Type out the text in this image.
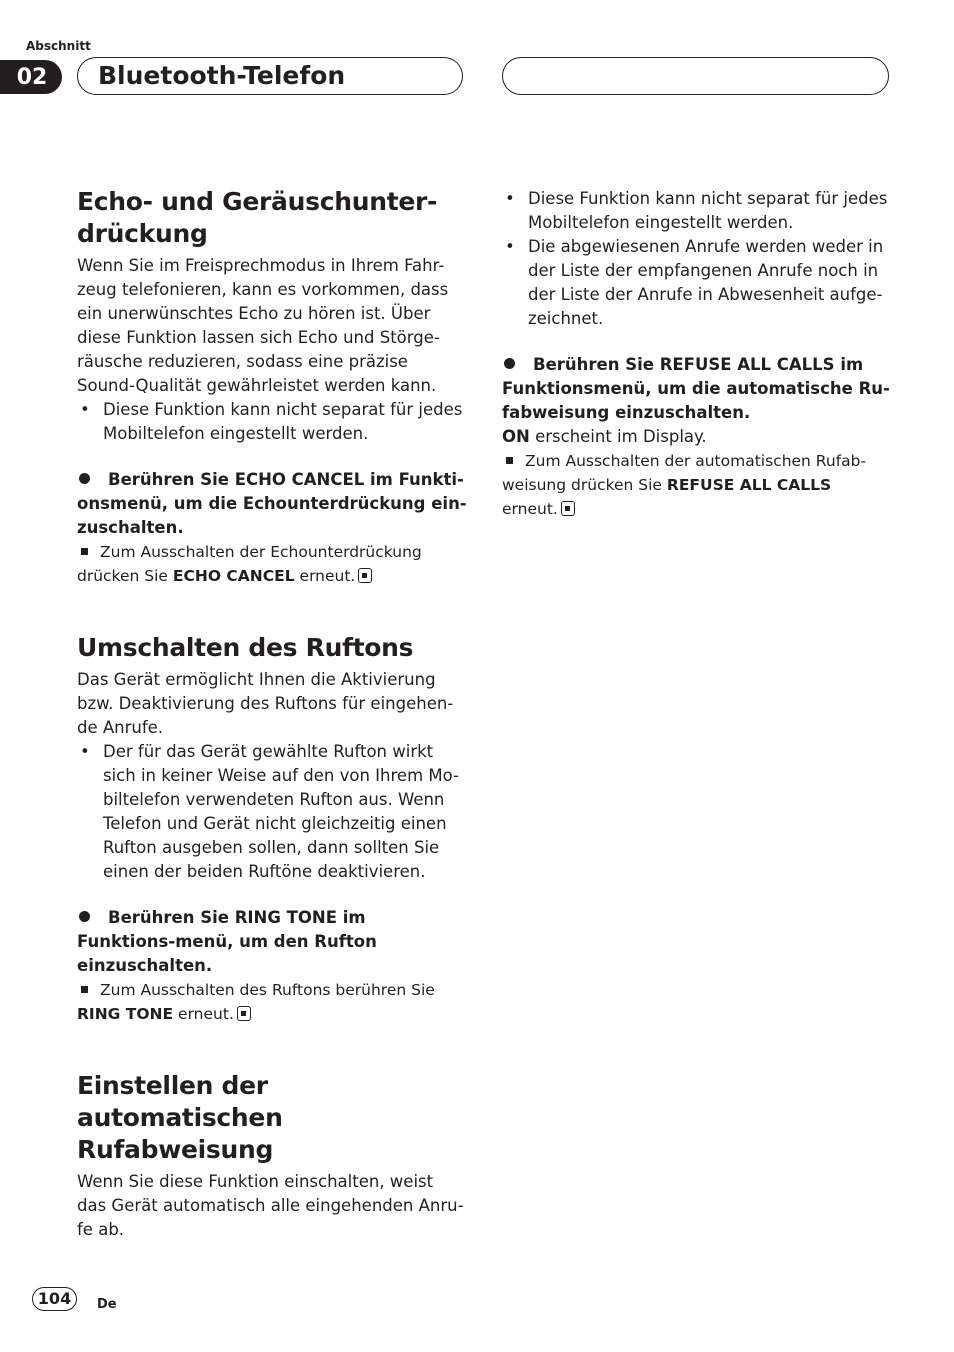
Abschnitt
02	Bluetooth-Telefon
Echo- und Geräuschunter-
drückung

Wenn Sie im Freisprechmodus in Ihrem Fahr-zeug telefonieren, kann es vorkommen, dass ein unerwünschtes Echo zu hören ist. Über diese Funktion lassen sich Echo und Störge-räusche reduzieren, sodass eine präzise Sound-Qualität gewährleistet werden kann.

• Diese Funktion kann nicht separat für jedes Mobiltelefon eingestellt werden.

Berühren Sie ECHO CANCEL im Funkti-onsmenü, um die Echounterdrückung ein-zuschalten.

Zum Ausschalten der Echounterdrückung drücken Sie ECHO CANCEL erneut.

Umschalten des Ruftons

Das Gerät ermöglicht Ihnen die Aktivierung bzw. Deaktivierung des Ruftons für eingehen-de Anrufe.

• Der für das Gerät gewählte Rufton wirkt sich in keiner Weise auf den von Ihrem Mo-biltelefon verwendeten Rufton aus. Wenn Telefon und Gerät nicht gleichzeitig einen Rufton ausgeben sollen, dann sollten Sie einen der beiden Ruftöne deaktivieren.

Berühren Sie RING TONE im Funktions-menü, um den Rufton einzuschalten.

Zum Ausschalten des Ruftons berühren Sie RING TONE erneut.

Einstellen der automatischen
Rufabweisung

Wenn Sie diese Funktion einschalten, weist das Gerät automatisch alle eingehenden Anru-fe ab.

• Diese Funktion kann nicht separat für jedes Mobiltelefon eingestellt werden.

• Die abgewiesenen Anrufe werden weder in der Liste der empfangenen Anrufe noch in der Liste der Anrufe in Abwesenheit aufge-zeichnet.

Berühren Sie REFUSE ALL CALLS im Funktionsmenü, um die automatische Ru-fabweisung einzuschalten.

ON erscheint im Display.

Zum Ausschalten der automatischen Rufab-weisung drücken Sie REFUSE ALL CALLS
erneut.

104	De
